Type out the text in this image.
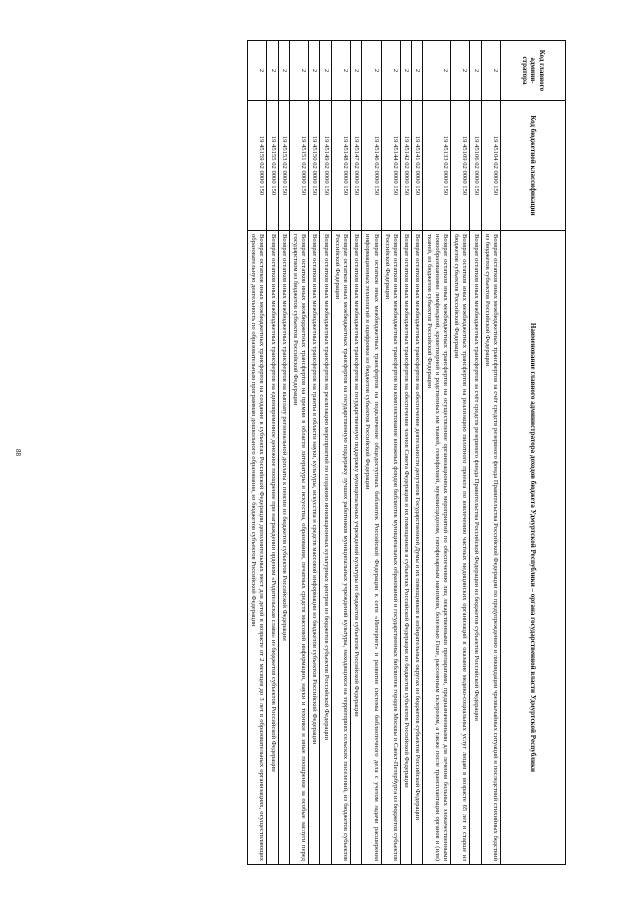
88
Код главного админи-стратора	Код бюджетной классификации	Наименование главного администратора доходов бюджета Удмуртской Республики – органа государственной власти Удмуртской Республики
2	19 45104 02 0000 150	Возврат остатков иных межбюджетных трансфертов за счёт средств резервного фонда Правительства Российской Федерации по предупреждению и ликвидации чрезвычайных ситуаций и последствий стихийных бедствий из бюджетов субъектов Российской Федерации
2	19 45106 02 0000 150	Возврат остатков иных межбюджетных трансфертов за счёт средств резервного фонда Правительства Российской Федерации из бюджетов субъектов Российской Федерации
2	19 45109 02 0000 150	Возврат остатков иных межбюджетных трансфертов на реализацию пилотного проекта по вовлечению частных медицинских организаций в оказание медико-социальных услуг лицам в возрасте 65 лет и старше из бюджетов субъектов Российской Федерации
2	19 45133 02 0000 150	Возврат остатков иных межбюджетных трансфертов на осуществление организационных мероприятий по обеспечению лиц лекарственными препаратами, предназначенными для лечения больных злокачественными новообразованиями лимфоидной, кроветворной и родственных им тканей, гемофилией, муковисцидозом, гипофизарным нанизмом, болезнью Гоше, рассеянным склерозом, а также после трансплантации органов и (или) тканей, из бюджетов субъектов Российской Федерации
2	19 45141 02 0000 150	Возврат остатков иных межбюджетных трансфертов на обеспечение деятельности депутатов Государственной Думы и их помощников в избирательных округах из бюджетов субъектов Российской Федерации
2	19 45142 02 0000 150	Возврат остатков иных межбюджетных трансфертов на обеспечение членов Совета Федерации и их помощников в субъектах Российской Федерации из бюджетов субъектов Российской Федерации
2	19 45144 02 0000 150	Возврат остатков иных межбюджетных трансфертов на комплектование книжных фондов библиотек муниципальных образований и государственных библиотек городов Москвы и Санкт-Петербурга из бюджетов субъектов Российской Федерации
2	19 45146 02 0000 150	Возврат остатков иных межбюджетных трансфертов на подключение общедоступных библиотек Российской Федерации к сети «Интернет» и развитие системы библиотечного дела с учетом задачи расширения информационных технологий и оцифровки из бюджетов субъектов Российской Федерации
2	19 45147 02 0000 150	Возврат остатков иных межбюджетных трансфертов на государственную поддержку муниципальных учреждений культуры из бюджетов субъектов Российской Федерации
2	19 45148 02 0000 150	Возврат остатков иных межбюджетных трансфертов на государственную поддержку лучших работников муниципальных учреждений культуры, находящихся на территориях сельских поселений, из бюджетов субъектов Российской Федерации
2	19 45149 02 0000 150	Возврат остатков иных межбюджетных трансфертов на реализацию мероприятий по созданию инновационных культурных центров из бюджетов субъектов Российской Федерации
2	19 45150 02 0000 150	Возврат остатков иных межбюджетных трансфертов на гранты в области науки, культуры, искусства и средств массовой информации из бюджетов субъектов Российской Федерации
2	19 45151 02 0000 150	Возврат остатков иных межбюджетных трансфертов на премии в области литературы и искусства, образования, печатных средств массовой информации, науки и техники и иные поощрения за особые заслуги перед государством из бюджетов субъектов Российской Федерации
2	19 45153 02 0000 150	Возврат остатков иных межбюджетных трансфертов на выплату региональной доплаты к пенсии из бюджетов субъектов Российской Федерации
2	19 45155 02 0000 150	Возврат остатков иных межбюджетных трансфертов на единовременное денежное поощрение при награждении орденом «Родительская слава» из бюджетов субъектов Российской Федерации
2	19 45159 02 0000 150	Возврат остатков иных межбюджетных трансфертов на создание в субъектах Российской Федерации дополнительных мест для детей в возрасте от 2 месяцев до 3 лет в образовательных организациях, осуществляющих образовательную деятельность по образовательным программам дошкольного образования, из бюджетов субъектов Российской Федерации
